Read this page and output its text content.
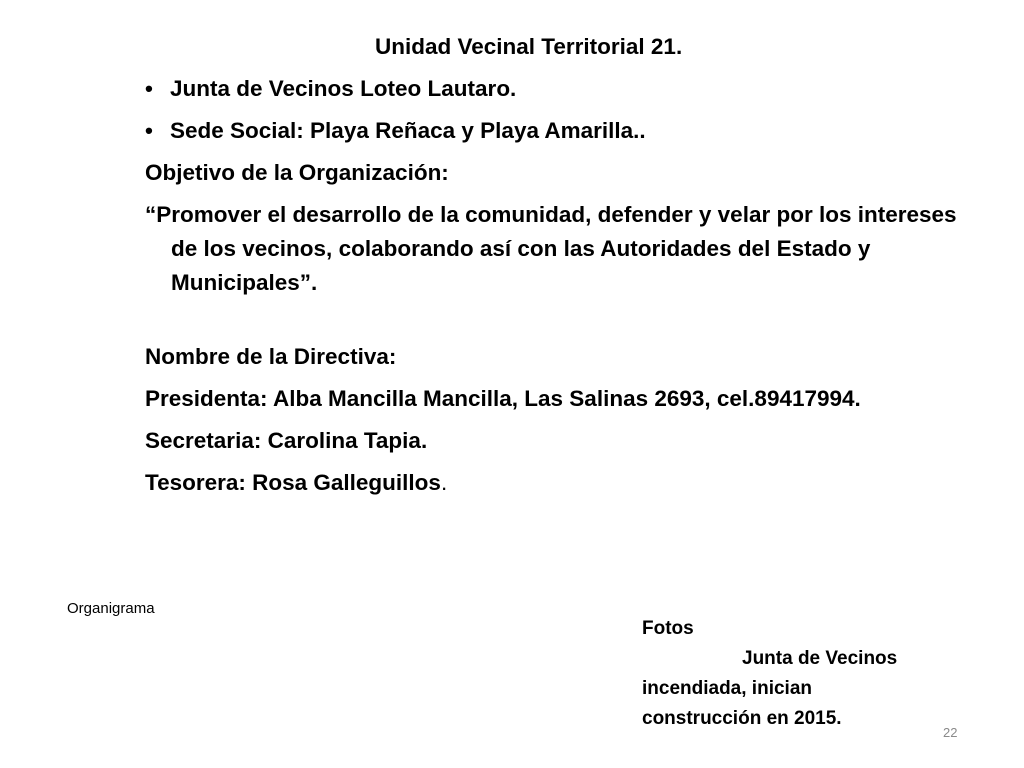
Unidad Vecinal Territorial 21.

• Junta de Vecinos Loteo Lautaro.

• Sede Social: Playa Reñaca y Playa Amarilla..

Objetivo de la Organización:

“Promover el desarrollo de la comunidad, defender y velar por los intereses de los vecinos, colaborando así con las Autoridades del Estado y Municipales”.

Nombre de la Directiva:

Presidenta: Alba Mancilla Mancilla, Las Salinas 2693, cel.89417994.

Secretaria: Carolina Tapia.

Tesorera: Rosa Galleguillos.

Organigrama

Fotos

Junta de Vecinos

incendiada, inician

construcción en 2015.

22
